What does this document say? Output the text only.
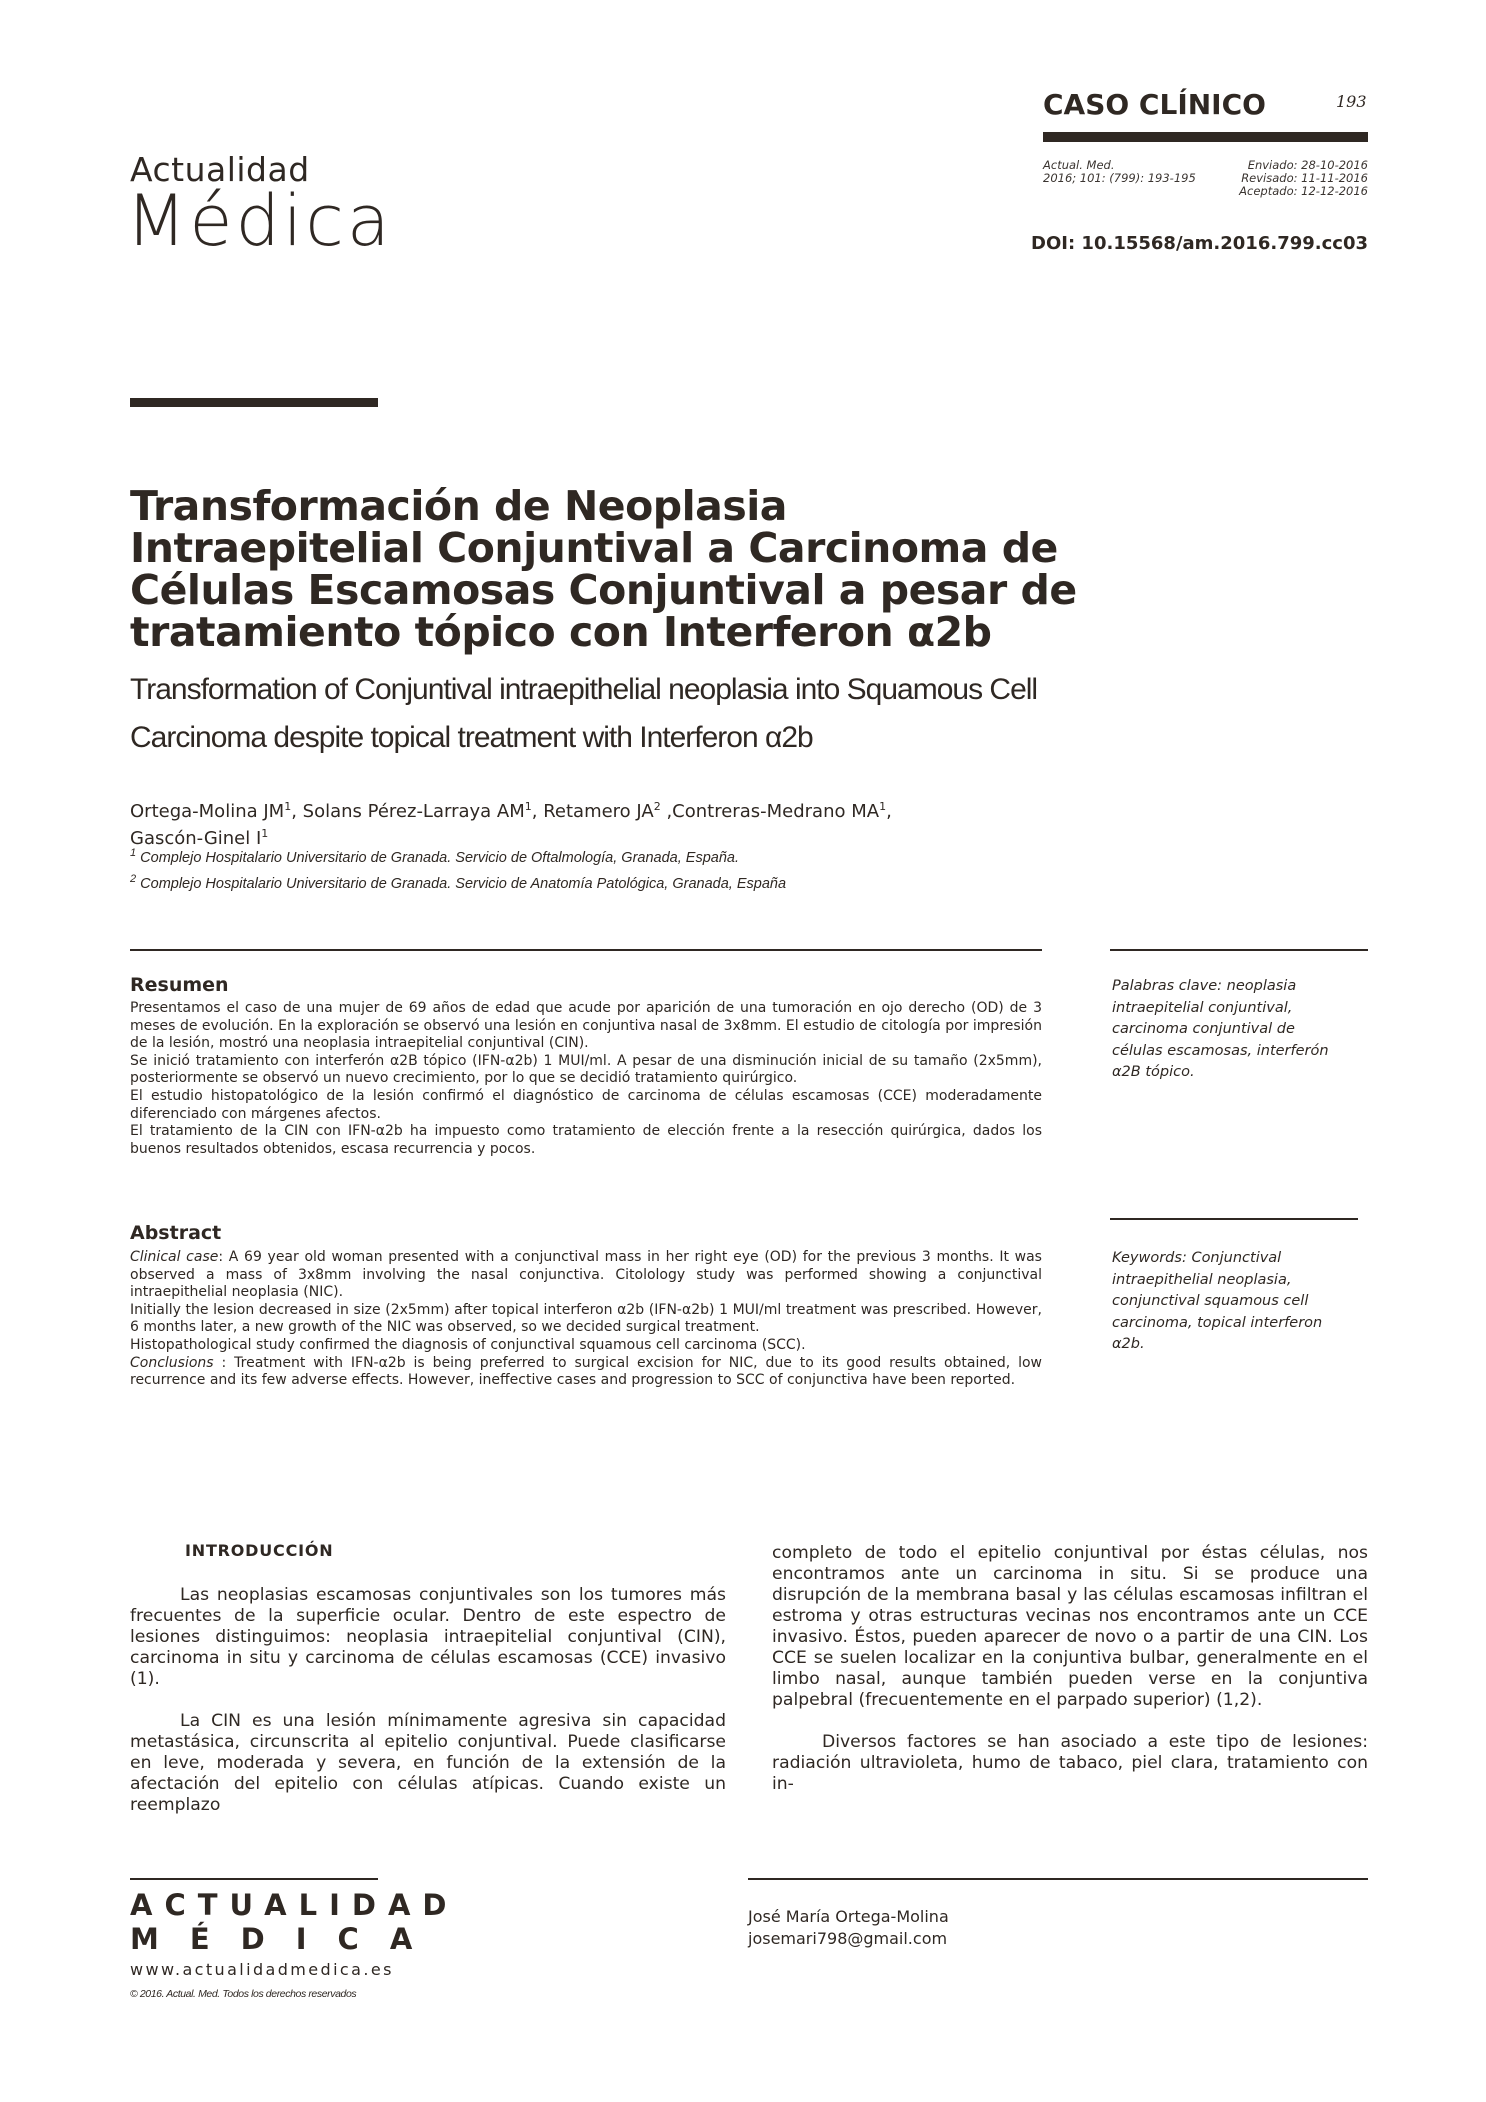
Actualidad
Médica
CASO CLÍNICO	193
Actual. Med.
2016; 101: (799): 193-195
Enviado: 28-10-2016
Revisado: 11-11-2016
Aceptado: 12-12-2016
DOI: 10.15568/am.2016.799.cc03
Transformación de Neoplasia Intraepitelial Conjuntival a Carcinoma de Células Escamosas Conjuntival a pesar de tratamiento tópico con Interferon α2b
Transformation of Conjuntival intraepithelial neoplasia into Squamous Cell Carcinoma despite topical treatment with Interferon α2b
Ortega-Molina $JM^1$, Solans Pérez-Larraya $AM^1$, Retamero $JA^2$ ,Contreras-Medrano $MA^1$,
Gascón-Ginel $I^1$
$^1$ Complejo Hospitalario Universitario de Granada. Servicio de Oftalmología, Granada, España.
$^2$ Complejo Hospitalario Universitario de Granada. Servicio de Anatomía Patológica, Granada, España
Resumen

Presentamos el caso de una mujer de 69 años de edad que acude por aparición de una tumoración en ojo derecho (OD) de 3 meses de evolución. En la exploración se observó una lesión en conjuntiva nasal de 3x8mm. El estudio de citología por impresión de la lesión, mostró una neoplasia intraepitelial conjuntival (CIN).

Se inició tratamiento con interferón α2B tópico (IFN-α2b) 1 MUI/ml. A pesar de una disminución inicial de su tamaño (2x5mm), posteriormente se observó un nuevo crecimiento, por lo que se decidió tratamiento quirúrgico.

El estudio histopatológico de la lesión confirmó el diagnóstico de carcinoma de células escamosas (CCE) moderadamente diferenciado con márgenes afectos.

El tratamiento de la CIN con IFN-α2b ha impuesto como tratamiento de elección frente a la resección quirúrgica, dados los buenos resultados obtenidos, escasa recurrencia y pocos.

Palabras clave: neoplasia intraepitelial conjuntival, carcinoma conjuntival de células escamosas, interferón α2B tópico.
Abstract

Clinical case: A 69 year old woman presented with a conjunctival mass in her right eye (OD) for the previous 3 months. It was observed a mass of 3x8mm involving the nasal conjunctiva. Citolology study was performed showing a conjunctival intraepithelial neoplasia (NIC).

Initially the lesion decreased in size (2x5mm) after topical interferon α2b (IFN-α2b) 1 MUI/ml treatment was prescribed. However, 6 months later, a new growth of the NIC was observed, so we decided surgical treatment.

Histopathological study confirmed the diagnosis of conjunctival squamous cell carcinoma (SCC).

Conclusions : Treatment with IFN-α2b is being preferred to surgical excision for NIC, due to its good results obtained, low recurrence and its few adverse effects. However, ineffective cases and progression to SCC of conjunctiva have been reported.

Keywords: Conjunctival intraepithelial neoplasia, conjunctival squamous cell carcinoma, topical interferon α2b.
INTRODUCCIÓN

Las neoplasias escamosas conjuntivales son los tumores más frecuentes de la superficie ocular. Dentro de este espectro de lesiones distinguimos: neoplasia intraepitelial conjuntival (CIN), carcinoma in situ y carcinoma de células escamosas (CCE) invasivo (1).

La CIN es una lesión mínimamente agresiva sin capacidad metastásica, circunscrita al epitelio conjuntival. Puede clasificarse en leve, moderada y severa, en función de la extensión de la afectación del epitelio con células atípicas. Cuando existe un reemplazo

completo de todo el epitelio conjuntival por éstas células, nos encontramos ante un carcinoma in situ. Si se produce una disrupción de la membrana basal y las células escamosas infiltran el estroma y otras estructuras vecinas nos encontramos ante un CCE invasivo. Éstos, pueden aparecer de novo o a partir de una CIN. Los CCE se suelen localizar en la conjuntiva bulbar, generalmente en el limbo nasal, aunque también pueden verse en la conjuntiva palpebral (frecuentemente en el parpado superior) (1,2).

Diversos factores se han asociado a este tipo de lesiones: radiación ultravioleta, humo de tabaco, piel clara, tratamiento con in-

ACTUALIDAD
MÉDICA
www.actualidadmedica.es
© 2016. Actual. Med. Todos los derechos reservados
José María Ortega-Molina
josemari798@gmail.com
